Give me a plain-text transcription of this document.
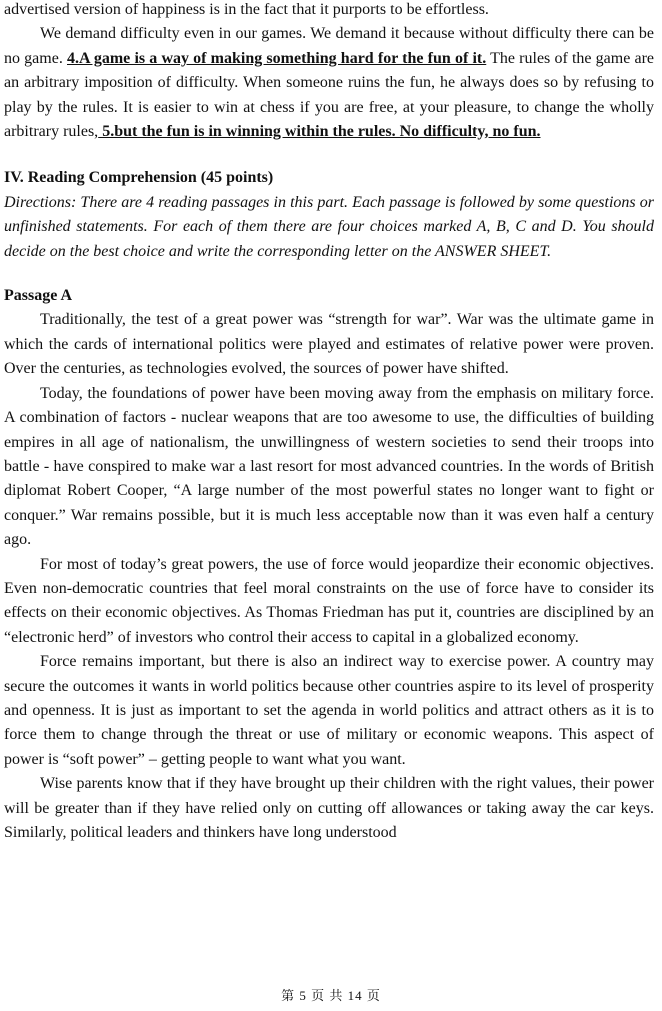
advertised version of happiness is in the fact that it purports to be effortless.

We demand difficulty even in our games. We demand it because without difficulty there can be no game. 4.A game is a way of making something hard for the fun of it. The rules of the game are an arbitrary imposition of difficulty. When someone ruins the fun, he always does so by refusing to play by the rules. It is easier to win at chess if you are free, at your pleasure, to change the wholly arbitrary rules, 5.but the fun is in winning within the rules. No difficulty, no fun.

IV. Reading Comprehension (45 points)

Directions: There are 4 reading passages in this part. Each passage is followed by some questions or unfinished statements. For each of them there are four choices marked A, B, C and D. You should decide on the best choice and write the corresponding letter on the ANSWER SHEET.

Passage A

Traditionally, the test of a great power was “strength for war”. War was the ultimate game in which the cards of international politics were played and estimates of relative power were proven. Over the centuries, as technologies evolved, the sources of power have shifted.

Today, the foundations of power have been moving away from the emphasis on military force. A combination of factors - nuclear weapons that are too awesome to use, the difficulties of building empires in all age of nationalism, the unwillingness of western societies to send their troops into battle - have conspired to make war a last resort for most advanced countries. In the words of British diplomat Robert Cooper, “A large number of the most powerful states no longer want to fight or conquer.” War remains possible, but it is much less acceptable now than it was even half a century ago.

For most of today’s great powers, the use of force would jeopardize their economic objectives. Even non-democratic countries that feel moral constraints on the use of force have to consider its effects on their economic objectives. As Thomas Friedman has put it, countries are disciplined by an “electronic herd” of investors who control their access to capital in a globalized economy.

Force remains important, but there is also an indirect way to exercise power. A country may secure the outcomes it wants in world politics because other countries aspire to its level of prosperity and openness. It is just as important to set the agenda in world politics and attract others as it is to force them to change through the threat or use of military or economic weapons. This aspect of power is “soft power” – getting people to want what you want.

Wise parents know that if they have brought up their children with the right values, their power will be greater than if they have relied only on cutting off allowances or taking away the car keys. Similarly, political leaders and thinkers have long understood

第 5 页 共 14 页
